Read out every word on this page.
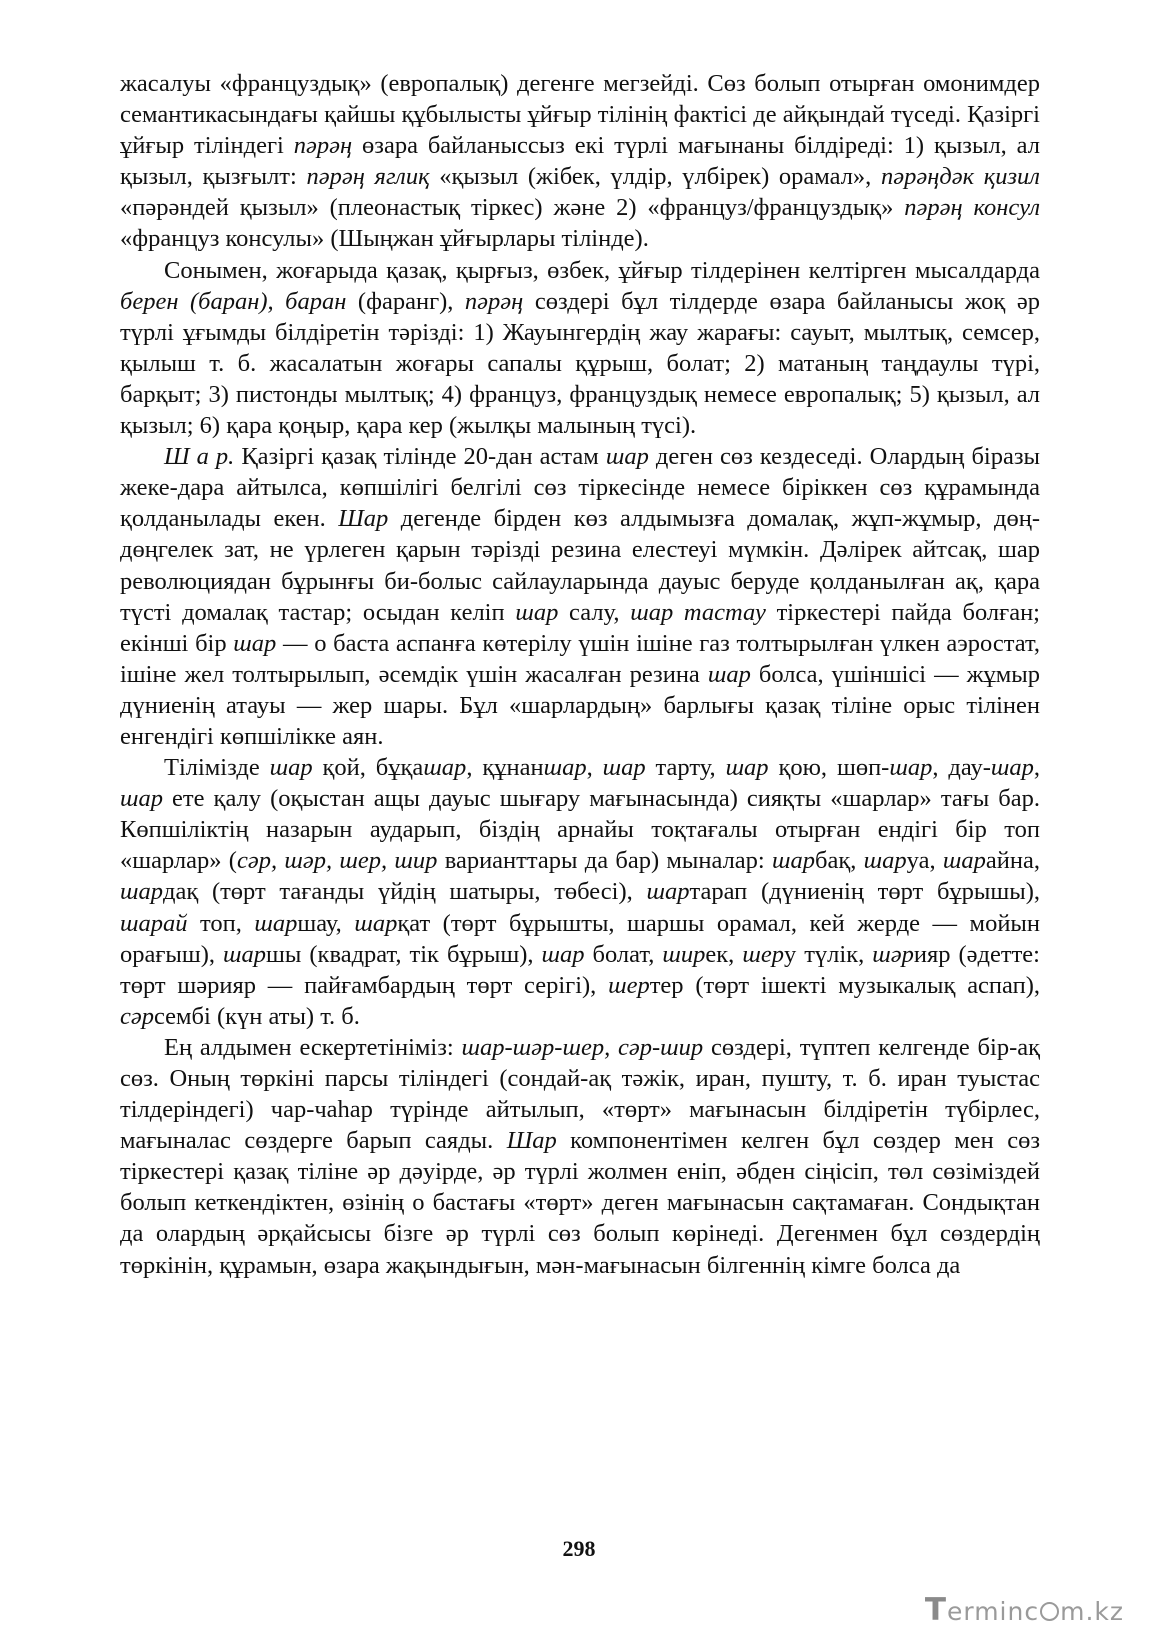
жасалуы «француздық» (европалық) дегенге мегзейді. Сөз болып отырған омонимдер семантикасындағы қайшы құбылысты ұйғыр тілінің фактісі де айқындай түседі. Қазіргі ұйғыр тіліндегі пәрәң өзара байланыссыз екі түрлі мағынаны білдіреді: 1) қызыл, ал қызыл, қызғылт: пәрәң яглиқ «қызыл (жібек, үлдір, үлбірек) орамал», пәрәңдәк қизил «пәрәндей қызыл» (плеонастық тіркес) және 2) «француз/француздық» пәрәң консул «француз консулы» (Шыңжан ұйғырлары тілінде).

Сонымен, жоғарыда қазақ, қырғыз, өзбек, ұйғыр тілдерінен келтірген мысалдарда берен (баран), баран (фаранг), пәрәң сөздері бұл тілдерде өзара байланысы жоқ әр түрлі ұғымды білдіретін тәрізді: 1) Жауынгердің жау жарағы: сауыт, мылтық, семсер, қылыш т. б. жасалатын жоғары сапалы құрыш, болат; 2) матаның таңдаулы түрі, барқыт; 3) пистонды мылтық; 4) француз, француздық немесе европалық; 5) қызыл, ал қызыл; 6) қара қоңыр, қара кер (жылқы малының түсі).

Ш а р. Қазіргі қазақ тілінде 20-дан астам шар деген сөз кездеседі. Олардың біразы жеке-дара айтылса, көпшілігі белгілі сөз тіркесінде немесе біріккен сөз құрамында қолданылады екен. Шар дегенде бірден көз алдымызға домалақ, жұп-жұмыр, дөң-дөңгелек зат, не үрлеген қарын тәрізді резина елестеуі мүмкін. Дәлірек айтсақ, шар революциядан бұрынғы би-болыс сайлауларында дауыс беруде қолданылған ақ, қара түсті домалақ тастар; осыдан келіп шар салу, шар тастау тіркестері пайда болған; екінші бір шар — о баста аспанға көтерілу үшін ішіне газ толтырылған үлкен аэростат, ішіне жел толтырылып, әсемдік үшін жасалған резина шар болса, үшіншісі — жұмыр дүниенің атауы — жер шары. Бұл «шарлардың» барлығы қазақ тіліне орыс тілінен енгендігі көпшілікке аян.

Тілімізде шар қой, бұқашар, құнаншар, шар тарту, шар қою, шөп-шар, дау-шар, шар ете қалу (оқыстан ащы дауыс шығару мағынасында) сияқты «шарлар» тағы бар. Көпшіліктің назарын аударып, біздің арнайы тоқтағалы отырған ендігі бір топ «шарлар» (сәр, шәр, шер, шир варианттары да бар) мыналар: шарбақ, шаруа, шарайна, шардақ (төрт тағанды үйдің шатыры, төбесі), шартарап (дүниенің төрт бұрышы), шарай топ, шаршау, шарқат (төрт бұрышты, шаршы орамал, кей жерде — мойын орағыш), шаршы (квадрат, тік бұрыш), шар болат, ширек, шеру түлік, шәрияр (әдетте: төрт шәрияр — пайғамбардың төрт серігі), шертер (төрт ішекті музыкалық аспап), сәрсембі (күн аты) т. б.

Ең алдымен ескертетініміз: шар-шәр-шер, сәр-шир сөздері, түптеп келгенде бір-ақ сөз. Оның төркіні парсы тіліндегі (сондай-ақ тәжік, иран, пушту, т. б. иран туыстас тілдеріндегі) чар-чаһар түрінде айтылып, «төрт» мағынасын білдіретін түбірлес, мағыналас сөздерге барып саяды. Шар компонентімен келген бұл сөздер мен сөз тіркестері қазақ тіліне әр дәуірде, әр түрлі жолмен еніп, әбден сіңісіп, төл сөзіміздей болып кеткендіктен, өзінің о бастағы «төрт» деген мағынасын сақтамаған. Сондықтан да олардың әрқайсысы бізге әр түрлі сөз болып көрінеді. Дегенмен бұл сөздердің төркінін, құрамын, өзара жақындығын, мән-мағынасын білгеннің кімге болса да

298
Terminc m.kz
